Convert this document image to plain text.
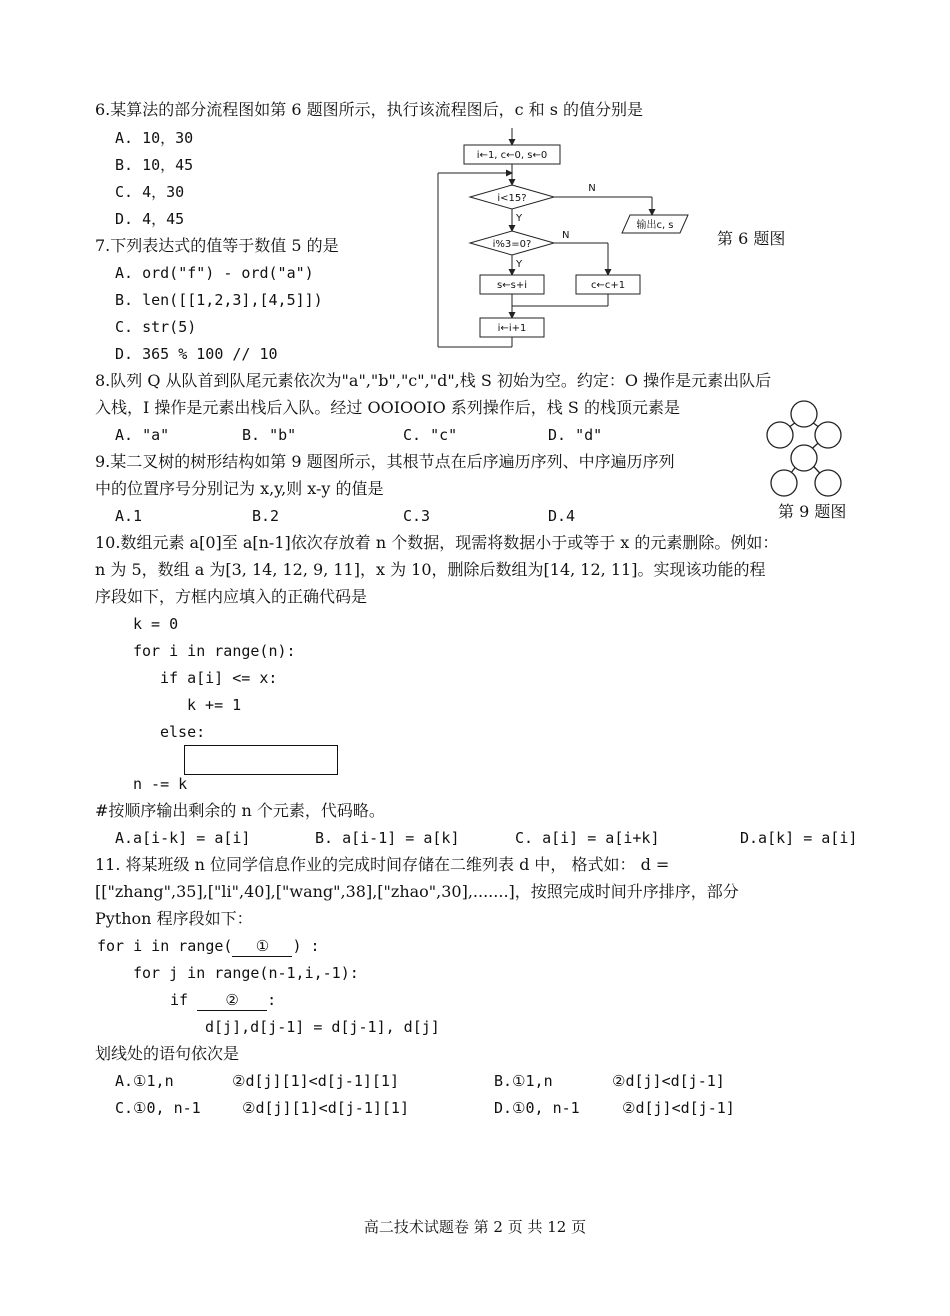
6.某算法的部分流程图如第 6 题图所示，执行该流程图后，c 和 s 的值分别是
A. 10，30
B. 10，45
C. 4，30
D. 4，45
i←1, c←0, s←0
i<15?
N
Y
输出c, s
i%3=0?
N
Y
s←s+i	c←c+1
i←i+1
第 6 题图
7.下列表达式的值等于数值 5 的是
A. ord("f") - ord("a")
B. len([[1,2,3],[4,5]])
C. str(5)
D. 365 % 100 // 10
8.队列 Q 从队首到队尾元素依次为"a","b","c","d",栈 S 初始为空。约定：O 操作是元素出队后
入栈，I 操作是元素出栈后入队。经过 OOIOOIO 系列操作后，栈 S 的栈顶元素是
A. "a"	B. "b"	C. "c"	D. "d"
9.某二叉树的树形结构如第 9 题图所示，其根节点在后序遍历序列、中序遍历序列
中的位置序号分别记为 x,y,则 x-y 的值是
A.1	B.2	C.3	D.4	第 9 题图
10.数组元素 a[0]至 a[n-1]依次存放着 n 个数据，现需将数据小于或等于 x 的元素删除。例如：
n 为 5，数组 a 为[3, 14, 12, 9, 11]，x 为 10，删除后数组为[14, 12, 11]。实现该功能的程
序段如下，方框内应填入的正确代码是
k = 0
for i in range(n):
if a[i] <= x:
k += 1
else:
n -= k
#按顺序输出剩余的 n 个元素，代码略。
A.a[i-k] = a[i]	B. a[i-1] = a[k]	C. a[i] = a[i+k]	D.a[k] = a[i]
11. 将某班级 n 位同学信息作业的完成时间存储在二维列表 d 中， 格式如： d =
[["zhang",35],["li",40],["wang",38],["zhao",30],.......]，按照完成时间升序排序，部分
Python 程序段如下：
for i in range( ① ) :
for j in range(n-1,i,-1):
if ② :
d[j],d[j-1] = d[j-1], d[j]
划线处的语句依次是
A.①1,n	②d[j][1]<d[j-1][1]	B.①1,n	②d[j]<d[j-1]
C.①0, n-1	②d[j][1]<d[j-1][1]	D.①0, n-1	②d[j]<d[j-1]
高二技术试题卷 第 2 页 共 12 页
